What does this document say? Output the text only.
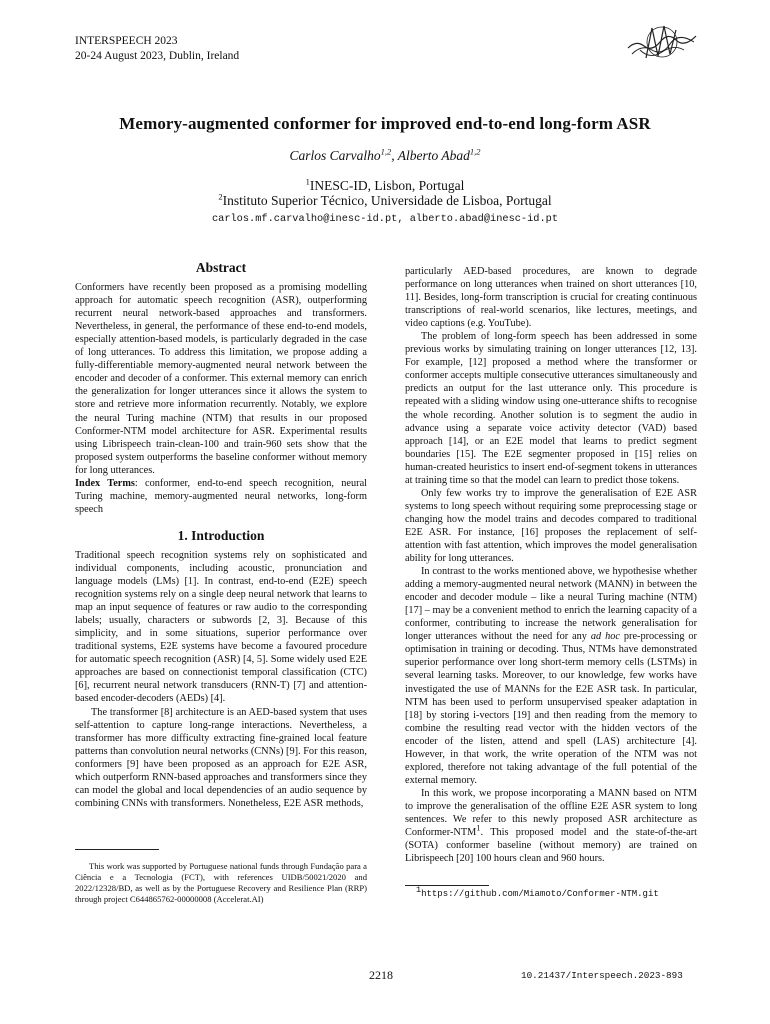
INTERSPEECH 2023
20-24 August 2023, Dublin, Ireland
Memory-augmented conformer for improved end-to-end long-form ASR
Carlos Carvalho$^{1,2}$, Alberto Abad$^{1,2}$
$^1$INESC-ID, Lisbon, Portugal
$^2$Instituto Superior Técnico, Universidade de Lisboa, Portugal
carlos.mf.carvalho@inesc-id.pt, alberto.abad@inesc-id.pt
Abstract

Conformers have recently been proposed as a promising modelling approach for automatic speech recognition (ASR), outperforming recurrent neural network-based approaches and transformers. Nevertheless, in general, the performance of these end-to-end models, especially attention-based models, is particularly degraded in the case of long utterances. To address this limitation, we propose adding a fully-differentiable memory-augmented neural network between the encoder and decoder of a conformer. This external memory can enrich the generalization for longer utterances since it allows the system to store and retrieve more information recurrently. Notably, we explore the neural Turing machine (NTM) that results in our proposed Conformer-NTM model architecture for ASR. Experimental results using Librispeech train-clean-100 and train-960 sets show that the proposed system outperforms the baseline conformer without memory for long utterances.

Index Terms: conformer, end-to-end speech recognition, neural Turing machine, memory-augmented neural networks, long-form speech

1. Introduction

Traditional speech recognition systems rely on sophisticated and individual components, including acoustic, pronunciation and language models (LMs) [1]. In contrast, end-to-end (E2E) speech recognition systems rely on a single deep neural network that learns to map an input sequence of features or raw audio to the corresponding labels; usually, characters or subwords [2, 3]. Because of this simplicity, and in some situations, superior performance over traditional systems, E2E systems have become a favoured procedure for automatic speech recognition (ASR) [4, 5]. Some widely used E2E approaches are based on connectionist temporal classification (CTC) [6], recurrent neural network transducers (RNN-T) [7] and attention-based encoder-decoders (AEDs) [4].

The transformer [8] architecture is an AED-based system that uses self-attention to capture long-range interactions. Nevertheless, a transformer has more difficulty extracting fine-grained local feature patterns than convolution neural networks (CNNs) [9]. For this reason, conformers [9] have been proposed as an approach for E2E ASR, which outperform RNN-based approaches and transformers since they can model the global and local dependencies of an audio sequence by combining CNNs with transformers. Nonetheless, E2E ASR methods,

This work was supported by Portuguese national funds through Fundação para a Ciência e a Tecnologia (FCT), with references UIDB/50021/2020 and 2022/12328/BD, as well as by the Portuguese Recovery and Resilience Plan (RRP) through project C644865762-00000008 (Accelerat.AI)

particularly AED-based procedures, are known to degrade performance on long utterances when trained on short utterances [10, 11]. Besides, long-form transcription is crucial for creating continuous transcriptions of real-world scenarios, like lectures, meetings, and video captions (e.g. YouTube).

The problem of long-form speech has been addressed in some previous works by simulating training on longer utterances [12, 13]. For example, [12] proposed a method where the transformer or conformer accepts multiple consecutive utterances simultaneously and predicts an output for the last utterance only. This procedure is repeated with a sliding window using one-utterance shifts to recognise the whole recording. Another solution is to segment the audio in advance using a separate voice activity detector (VAD) based approach [14], or an E2E model that learns to predict segment boundaries [15]. The E2E segmenter proposed in [15] relies on human-created heuristics to insert end-of-segment tokens in utterances at training time so that the model can learn to predict those tokens.

Only few works try to improve the generalisation of E2E ASR systems to long speech without requiring some preprocessing stage or changing how the model trains and decodes compared to traditional E2E ASR. For instance, [16] proposes the replacement of self-attention with fast attention, which improves the model generalisation ability for long utterances.

In contrast to the works mentioned above, we hypothesise whether adding a memory-augmented neural network (MANN) in between the encoder and decoder module – like a neural Turing machine (NTM) [17] – may be a convenient method to enrich the learning capacity of a conformer, contributing to increase the network generalisation for longer utterances without the need for any ad hoc pre-processing or optimisation in training or decoding. Thus, NTMs have demonstrated superior performance over long short-term memory cells (LSTMs) in several learning tasks. Moreover, to our knowledge, few works have investigated the use of MANNs for the E2E ASR task. In particular, NTM has been used to perform unsupervised speaker adaptation in [18] by storing i-vectors [19] and then reading from the memory to combine the resulting read vector with the hidden vectors of the encoder of the listen, attend and spell (LAS) architecture [4]. However, in that work, the write operation of the NTM was not explored, therefore not taking advantage of the full potential of the external memory.

In this work, we propose incorporating a MANN based on NTM to improve the generalisation of the offline E2E ASR system to long sentences. We refer to this newly proposed ASR architecture as Conformer-NTM$^1$. This proposed model and the state-of-the-art (SOTA) conformer baseline (without memory) are trained on Librispeech [20] 100 hours clean and 960 hours.

$^1$https://github.com/Miamoto/Conformer-NTM.git
2218	10.21437/Interspeech.2023-893
